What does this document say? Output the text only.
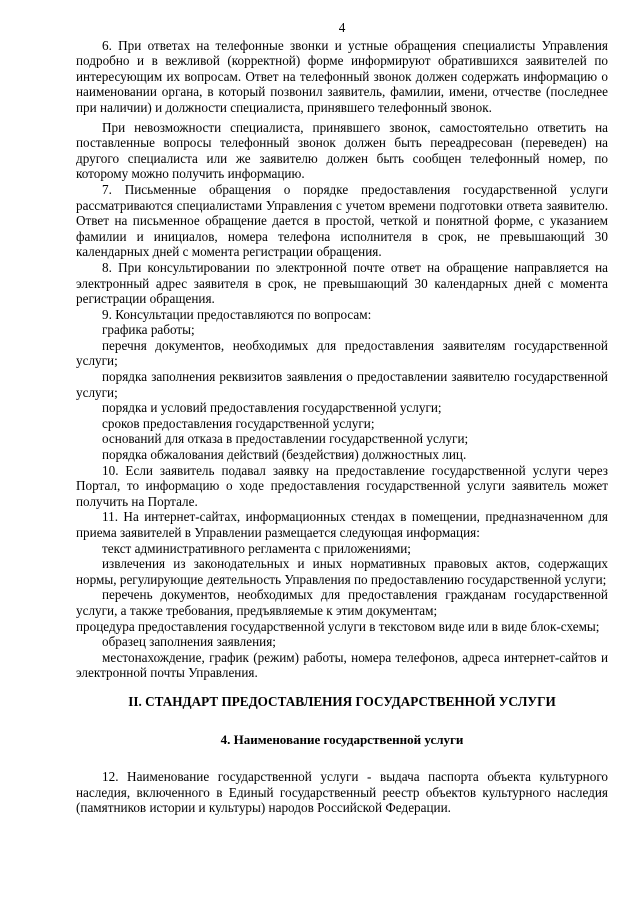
4

6. При ответах на телефонные звонки и устные обращения специалисты Управления подробно и в вежливой (корректной) форме информируют обратившихся заявителей по интересующим их вопросам. Ответ на телефонный звонок должен содержать информацию о наименовании органа, в который позвонил заявитель, фамилии, имени, отчестве (последнее при наличии) и должности специалиста, принявшего телефонный звонок.

При невозможности специалиста, принявшего звонок, самостоятельно ответить на поставленные вопросы телефонный звонок должен быть переадресован (переведен) на другого специалиста или же заявителю должен быть сообщен телефонный номер, по которому можно получить информацию.

7. Письменные обращения о порядке предоставления государственной услуги рассматриваются специалистами Управления с учетом времени подготовки ответа заявителю. Ответ на письменное обращение дается в простой, четкой и понятной форме, с указанием фамилии и инициалов, номера телефона исполнителя в срок, не превышающий 30 календарных дней с момента регистрации обращения.

8. При консультировании по электронной почте ответ на обращение направляется на электронный адрес заявителя в срок, не превышающий 30 календарных дней с момента регистрации обращения.

9. Консультации предоставляются по вопросам:

графика работы;

перечня документов, необходимых для предоставления заявителям государственной услуги;

порядка заполнения реквизитов заявления о предоставлении заявителю государственной услуги;

порядка и условий предоставления государственной услуги;

сроков предоставления государственной услуги;

оснований для отказа в предоставлении государственной услуги;

порядка обжалования действий (бездействия) должностных лиц.

10. Если заявитель подавал заявку на предоставление государственной услуги через Портал, то информацию о ходе предоставления государственной услуги заявитель может получить на Портале.

11. На интернет-сайтах, информационных стендах в помещении, предназначенном для приема заявителей в Управлении размещается следующая информация:

текст административного регламента с приложениями;

извлечения из законодательных и иных нормативных правовых актов, содержащих нормы, регулирующие деятельность Управления по предоставлению государственной услуги;

перечень документов, необходимых для предоставления гражданам государственной услуги, а также требования, предъявляемые к этим документам;

процедура предоставления государственной услуги в текстовом виде или в виде блок-схемы;

образец заполнения заявления;

местонахождение, график (режим) работы, номера телефонов, адреса интернет-сайтов и электронной почты Управления.

II. СТАНДАРТ ПРЕДОСТАВЛЕНИЯ ГОСУДАРСТВЕННОЙ УСЛУГИ
4. Наименование государственной услуги

12. Наименование государственной услуги - выдача паспорта объекта культурного наследия, включенного в Единый государственный реестр объектов культурного наследия (памятников истории и культуры) народов Российской Федерации.
